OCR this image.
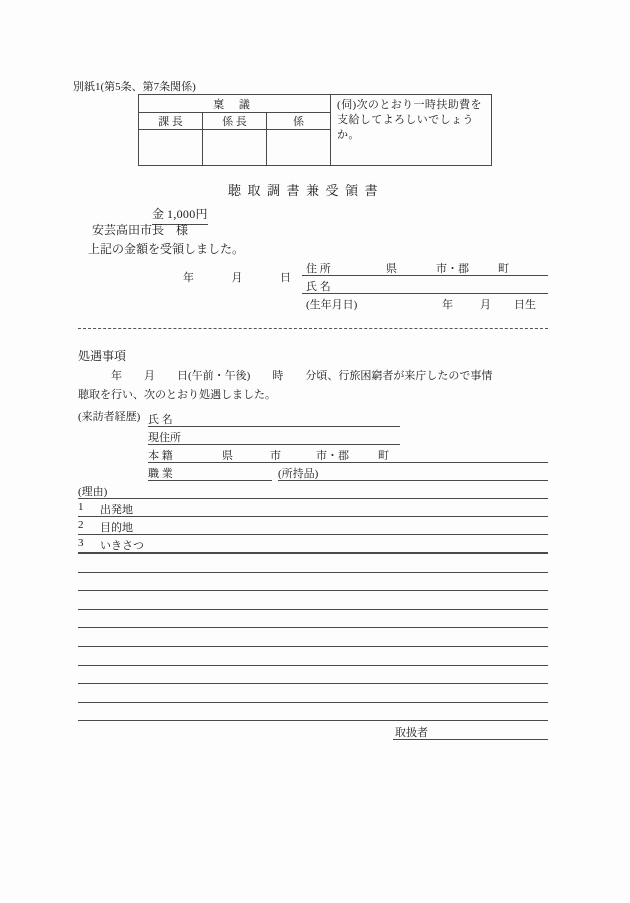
別紙1(第5条、第7条関係)
稟 議
課 長	係 長	係
(伺)次のとおり一時扶助費を支給してよろしいでしょうか。
聴  取  調  書  兼  受  領  書
金 1,000円
安芸高田市長    様
上記の金額を受領しました。

年	月	日

住 所	県	市・郡	町
氏 名
(生年月日)	年 月 日生
処遇事項
年        月        日(午前・午後)        時        分頃、行旅困窮者が来庁したので事情
聴取を行い、次のとおり処遇しました。
(来訪者経歴) 氏 名
現住所
本 籍	県	市	市・郡	町
職 業	(所持品)
(理由)
1 出発地
2 目的地
3 いきさつ
取扱者
